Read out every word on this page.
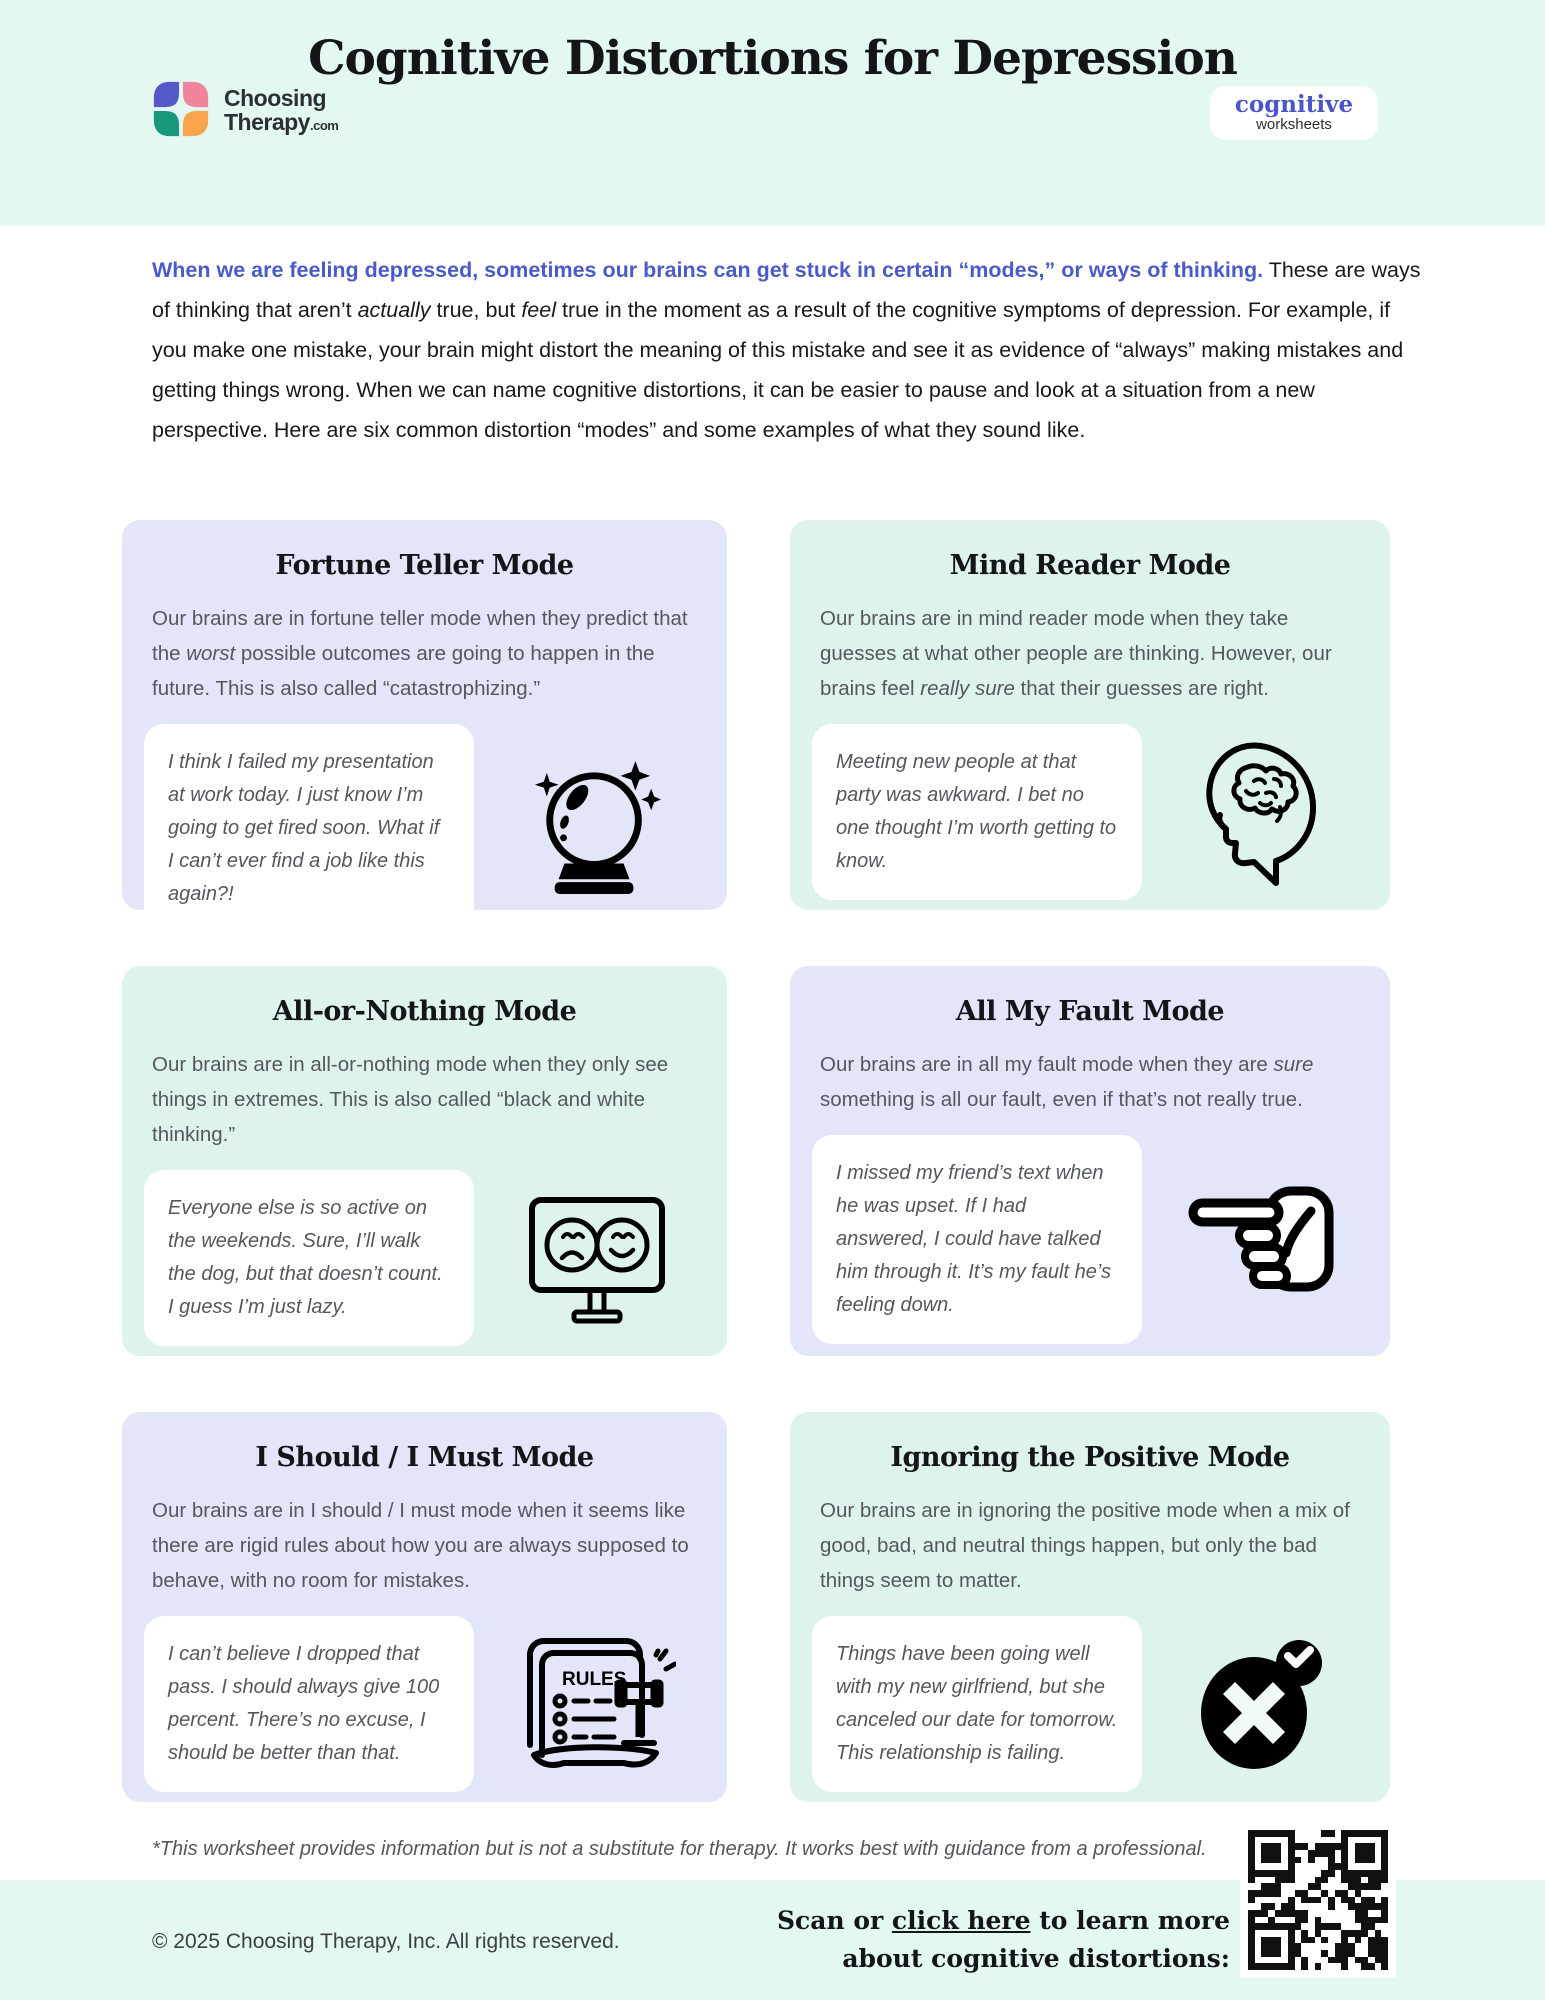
Choosing
Therapy.com
Cognitive Distortions for Depression
cognitive
worksheets

When we are feeling depressed, sometimes our brains can get stuck in certain “modes,” or ways of thinking. These are ways of thinking that aren’t actually true, but feel true in the moment as a result of the cognitive symptoms of depression. For example, if you make one mistake, your brain might distort the meaning of this mistake and see it as evidence of “always” making mistakes and getting things wrong. When we can name cognitive distortions, it can be easier to pause and look at a situation from a new perspective. Here are six common distortion “modes” and some examples of what they sound like.

Fortune Teller Mode

Our brains are in fortune teller mode when they predict that the worst possible outcomes are going to happen in the future. This is also called “catastrophizing.”

I think I failed my presentation at work today. I just know I’m going to get fired soon. What if I can’t ever find a job like this again?!
Mind Reader Mode

Our brains are in mind reader mode when they take guesses at what other people are thinking. However, our brains feel really sure that their guesses are right.

Meeting new people at that party was awkward. I bet no one thought I’m worth getting to know.
All-or-Nothing Mode

Our brains are in all-or-nothing mode when they only see things in extremes. This is also called “black and white thinking.”

Everyone else is so active on the weekends. Sure, I’ll walk the dog, but that doesn’t count. I guess I’m just lazy.
All My Fault Mode

Our brains are in all my fault mode when they are sure something is all our fault, even if that’s not really true.

I missed my friend’s text when he was upset. If I had answered, I could have talked him through it. It’s my fault he’s feeling down.
I Should / I Must Mode

Our brains are in I should / I must mode when it seems like there are rigid rules about how you are always supposed to behave, with no room for mistakes.

I can’t believe I dropped that pass. I should always give 100 percent. There’s no excuse, I should be better than that.
RULES
Ignoring the Positive Mode

Our brains are in ignoring the positive mode when a mix of good, bad, and neutral things happen, but only the bad things seem to matter.

Things have been going well with my new girlfriend, but she canceled our date for tomorrow. This relationship is failing.

*This worksheet provides information but is not a substitute for therapy. It works best with guidance from a professional.

© 2025 Choosing Therapy, Inc. All rights reserved.

Scan or click here to learn more
about cognitive distortions:
